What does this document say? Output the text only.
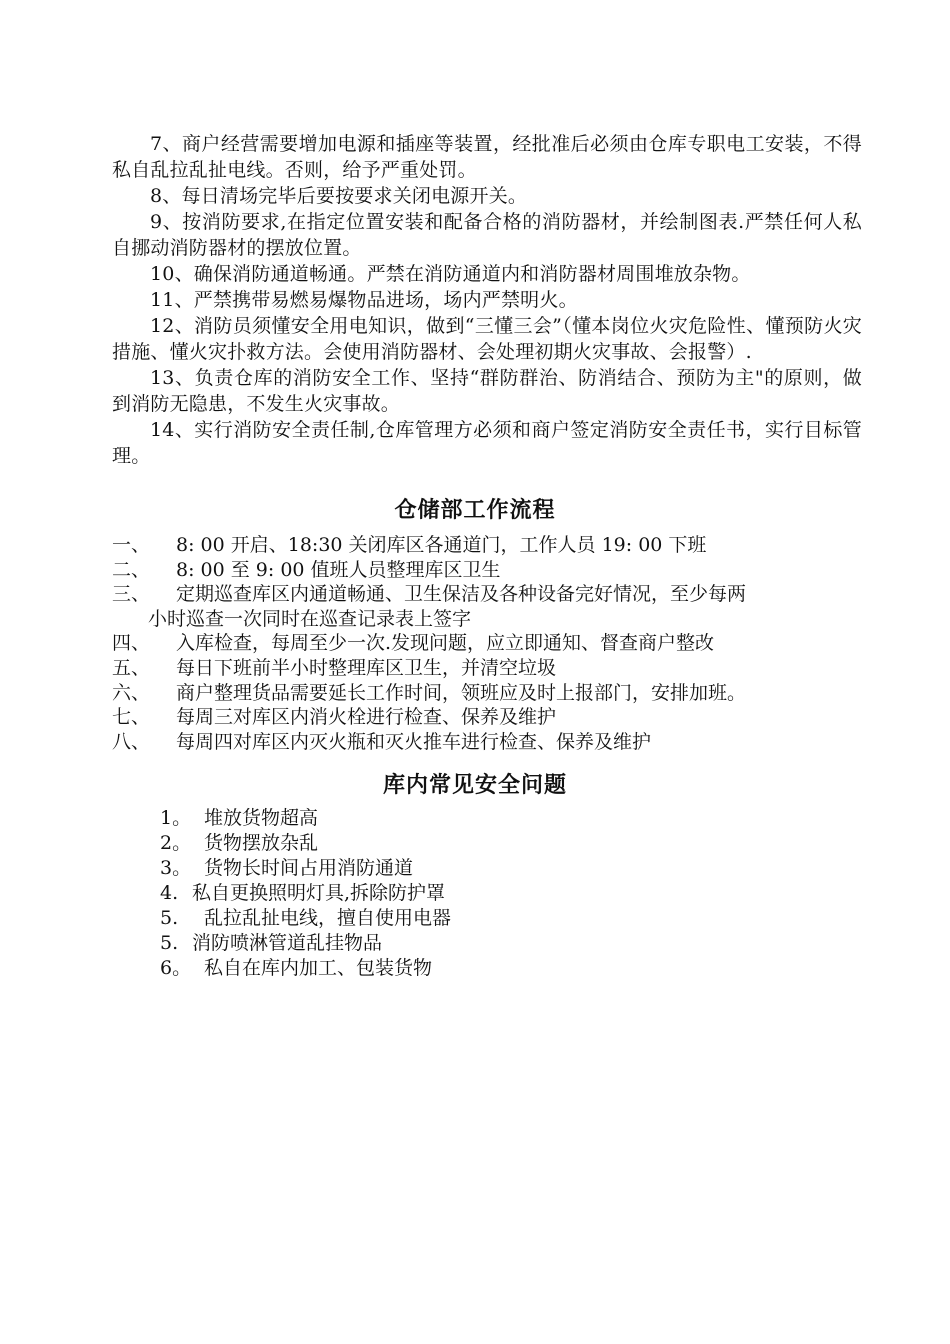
7、商户经营需要增加电源和插座等装置，经批准后必须由仓库专职电工安装，不得私自乱拉乱扯电线。否则，给予严重处罚。

8、每日清场完毕后要按要求关闭电源开关。

9、按消防要求,在指定位置安装和配备合格的消防器材，并绘制图表.严禁任何人私自挪动消防器材的摆放位置。

10、确保消防通道畅通。严禁在消防通道内和消防器材周围堆放杂物。

11、严禁携带易燃易爆物品进场，场内严禁明火。

12、消防员须懂安全用电知识，做到“三懂三会”（懂本岗位火灾危险性、懂预防火灾措施、懂火灾扑救方法。会使用消防器材、会处理初期火灾事故、会报警）.

13、负责仓库的消防安全工作、坚持“群防群治、防消结合、预防为主"的原则，做到消防无隐患，不发生火灾事故。

14、实行消防安全责任制,仓库管理方必须和商户签定消防安全责任书，实行目标管理。

仓储部工作流程
一、	8: 00 开启、18:30 关闭库区各通道门，工作人员 19: 00 下班
二、	8: 00 至 9: 00 值班人员整理库区卫生
三、	定期巡查库区内通道畅通、卫生保洁及各种设备完好情况，至少每两
小时巡查一次同时在巡查记录表上签字
四、	入库检查，每周至少一次.发现问题，应立即通知、督查商户整改
五、	每日下班前半小时整理库区卫生，并清空垃圾
六、	商户整理货品需要延长工作时间，领班应及时上报部门，安排加班。
七、	每周三对库区内消火栓进行检查、保养及维护
八、	每周四对库区内灭火瓶和灭火推车进行检查、保养及维护
库内常见安全问题
1。 堆放货物超高
2。 货物摆放杂乱
3。 货物长时间占用消防通道
4. 私自更换照明灯具,拆除防护罩
5.	乱拉乱扯电线，擅自使用电器
5. 消防喷淋管道乱挂物品
6。 私自在库内加工、包装货物
